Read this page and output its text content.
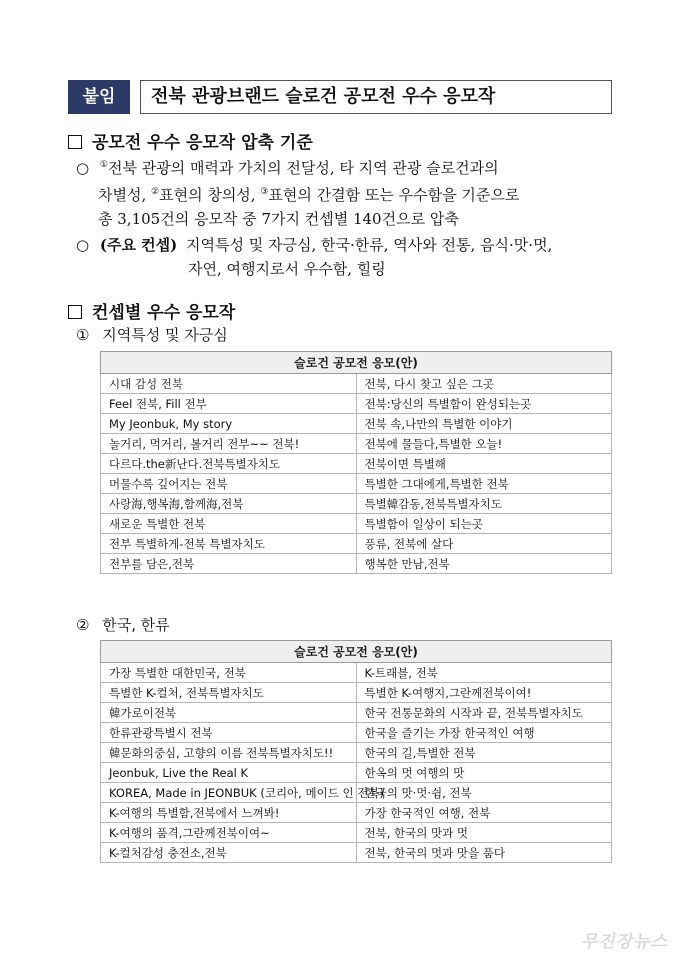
붙임	전북 관광브랜드 슬로건 공모전 우수 응모작
공모전 우수 응모작 압축 기준
○ ①전북 관광의 매력과 가치의 전달성, 타 지역 관광 슬로건과의
차별성, ②표현의 창의성, ③표현의 간결함 또는 우수함을 기준으로
총 3,105건의 응모작 중 7가지 컨셉별 140건으로 압축
○ (주요 컨셉) 지역특성 및 자긍심, 한국·한류, 역사와 전통, 음식·맛·멋,
자연, 여행지로서 우수함, 힐링
컨셉별 우수 응모작
① 지역특성 및 자긍심
슬로건 공모전 응모(안)	
시대 감성 전북	전북, 다시 찾고 싶은 그곳
Feel 전북, Fill 전부	전북:당신의 특별함이 완성되는곳
My Jeonbuk, My story	전북 속,나만의 특별한 이야기
놀거리, 먹거리, 볼거리 전부~~ 전북!	전북에 물들다,특별한 오늘!
다르다.the新난다.전북특별자치도	전북이면 특별해
머물수록 깊어지는 전북	특별한 그대에게,특별한 전북
사랑海,행복海,함께海,전북	특별韓감동,전북특별자치도
새로운 특별한 전북	특별함이 일상이 되는곳
전부 특별하게-전북 특별자치도	풍류, 전북에 살다
전부를 담은,전북	행복한 만남,전북
② 한국, 한류
슬로건 공모전 응모(안)	
가장 특별한 대한민국, 전북	K-트래블, 전북
특별한 K-컬처, 전북특별자치도	특별한 K-여행지,그란께전북이여!
韓가로이전북	한국 전통문화의 시작과 끝, 전북특별자치도
한류관광특별시 전북	한국을 즐기는 가장 한국적인 여행
韓문화의중심, 고향의 이름 전북특별자치도!!	한국의 길,특별한 전북
Jeonbuk, Live the Real K	한옥의 멋 여행의 맛
KOREA, Made in JEONBUK (코리아, 메이드 인 전북)	한국의 맛·멋·쉼, 전북
K-여행의 특별함,전북에서 느껴봐!	가장 한국적인 여행, 전북
K-여행의 품격,그란께전북이여~	전북, 한국의 맛과 멋
K-컬처감성 충전소,전북	전북, 한국의 멋과 맛을 품다
무진장뉴스
